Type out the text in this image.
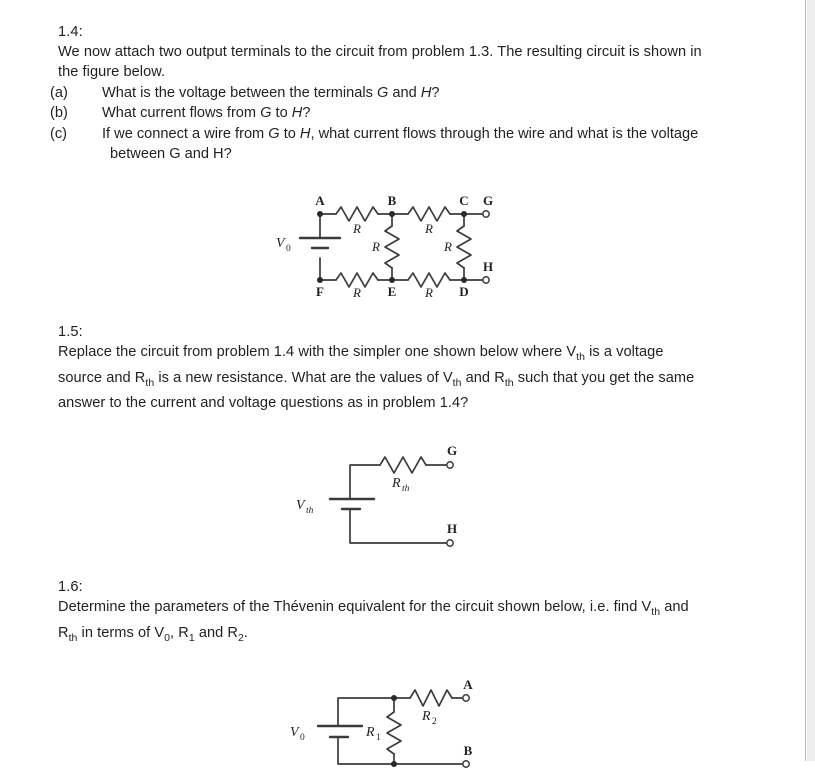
1.4:
We now attach two output terminals to the circuit from problem 1.3. The resulting circuit is shown in the figure below.
(a) What is the voltage between the terminals G and H?
(b) What current flows from G to H?
(c) If we connect a wire from G to H, what current flows through the wire and what is the voltage between G and H?
A	B	C G
H
D
E
F
R	R
R	R
R	R
V 0
1.5:
Replace the circuit from problem 1.4 with the simpler one shown below where $V_{th}$ is a voltage source and $R_{th}$ is a new resistance. What are the values of $V_{th}$ and $R_{th}$ such that you get the same answer to the current and voltage questions as in problem 1.4?
G
H
R th
V th
1.6:
Determine the parameters of the Thévenin equivalent for the circuit shown below, i.e. find $V_{th}$ and $R_{th}$ in terms of $V_0$, $R_1$ and $R_2$.
A
B
R 1
R 2
V 0
